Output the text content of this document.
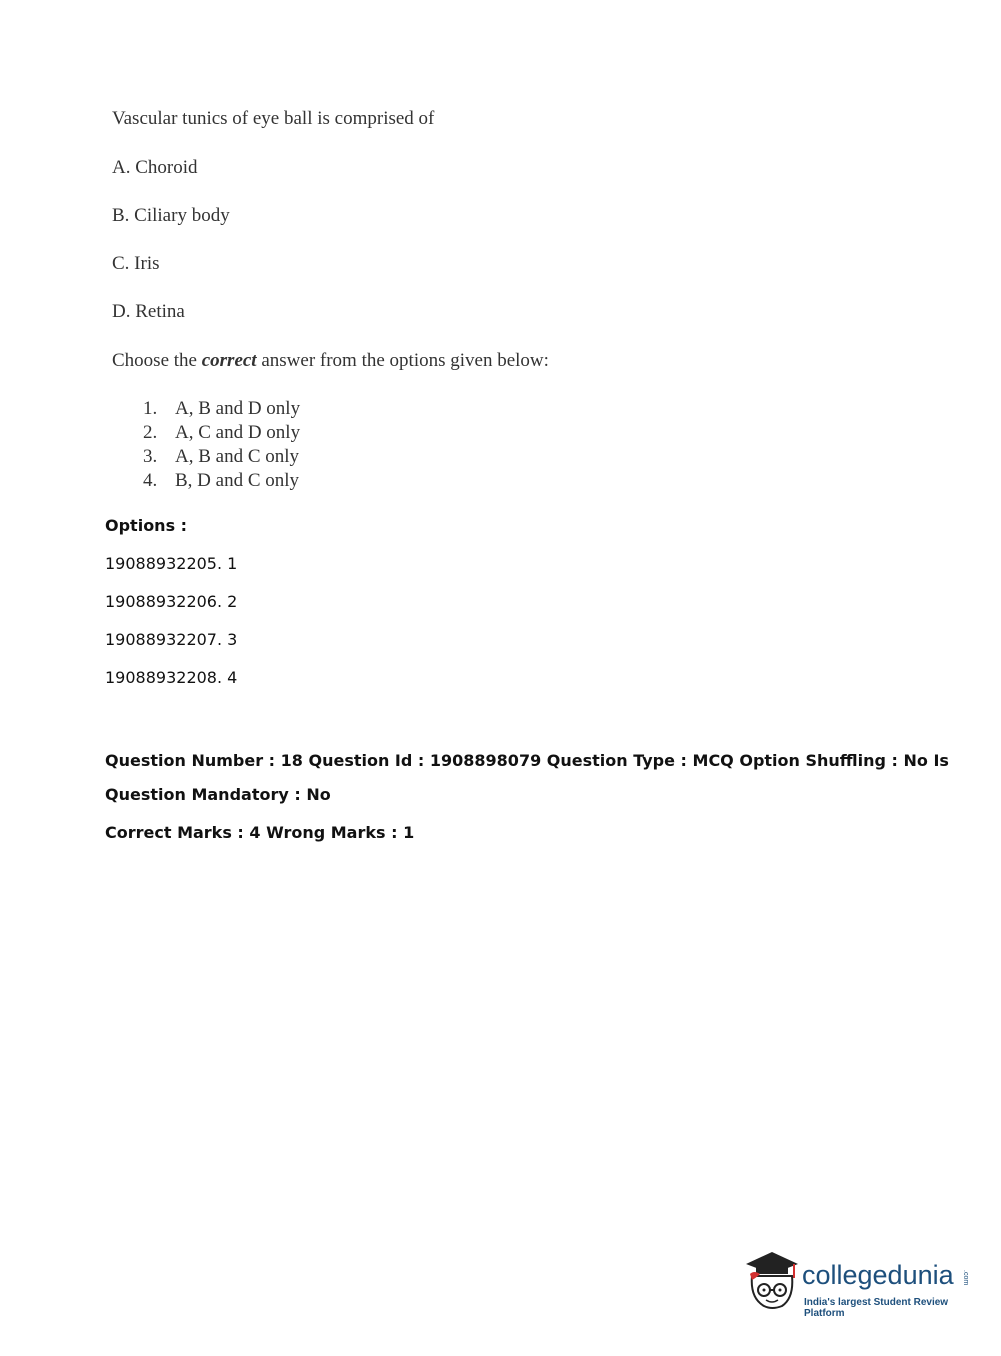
Vascular tunics of eye ball is comprised of
A. Choroid
B. Ciliary body
C. Iris
D. Retina
Choose the correct answer from the options given below:
1. A, B and D only
2. A, C and D only
3. A, B and C only
4. B, D and C only
Options :
19088932205. 1
19088932206. 2
19088932207. 3
19088932208. 4
Question Number : 18 Question Id : 1908898079 Question Type : MCQ Option Shuffling : No Is
Question Mandatory : No
Correct Marks : 4 Wrong Marks : 1
collegedunia .com
India's largest Student Review Platform
